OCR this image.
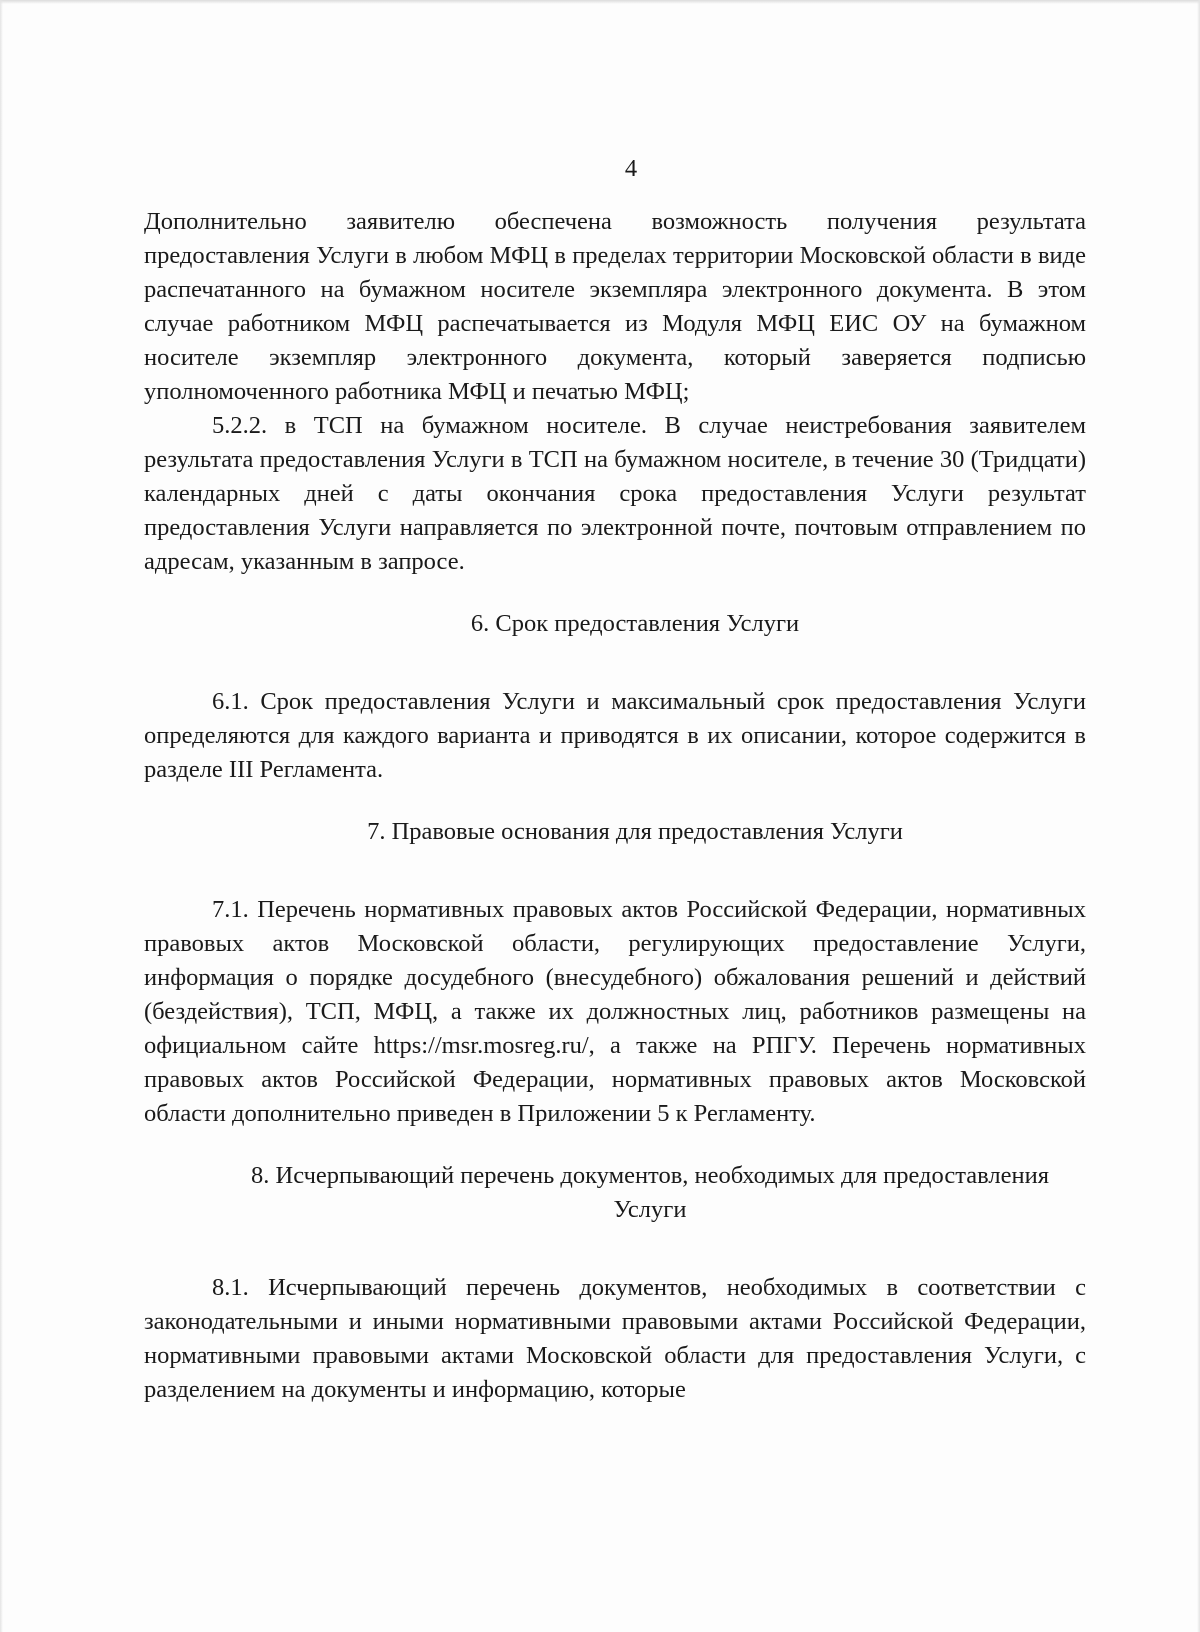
4

Дополнительно заявителю обеспечена возможность получения результата предоставления Услуги в любом МФЦ в пределах территории Московской области в виде распечатанного на бумажном носителе экземпляра электронного документа. В этом случае работником МФЦ распечатывается из Модуля МФЦ ЕИС ОУ на бумажном носителе экземпляр электронного документа, который заверяется подписью уполномоченного работника МФЦ и печатью МФЦ;

5.2.2. в ТСП на бумажном носителе. В случае неистребования заявителем результата предоставления Услуги в ТСП на бумажном носителе, в течение 30 (Тридцати) календарных дней с даты окончания срока предоставления Услуги результат предоставления Услуги направляется по электронной почте, почтовым отправлением по адресам, указанным в запросе.

6. Срок предоставления Услуги

6.1. Срок предоставления Услуги и максимальный срок предоставления Услуги определяются для каждого варианта и приводятся в их описании, которое содержится в разделе III Регламента.

7. Правовые основания для предоставления Услуги

7.1. Перечень нормативных правовых актов Российской Федерации, нормативных правовых актов Московской области, регулирующих предоставление Услуги, информация о порядке досудебного (внесудебного) обжалования решений и действий (бездействия), ТСП, МФЦ, а также их должностных лиц, работников размещены на официальном сайте https://msr.mosreg.ru/, а также на РПГУ. Перечень нормативных правовых актов Российской Федерации, нормативных правовых актов Московской области дополнительно приведен в Приложении 5 к Регламенту.

8. Исчерпывающий перечень документов, необходимых для предоставления

Услуги

8.1. Исчерпывающий перечень документов, необходимых в соответствии с законодательными и иными нормативными правовыми актами Российской Федерации, нормативными правовыми актами Московской области для предоставления Услуги, с разделением на документы и информацию, которые
